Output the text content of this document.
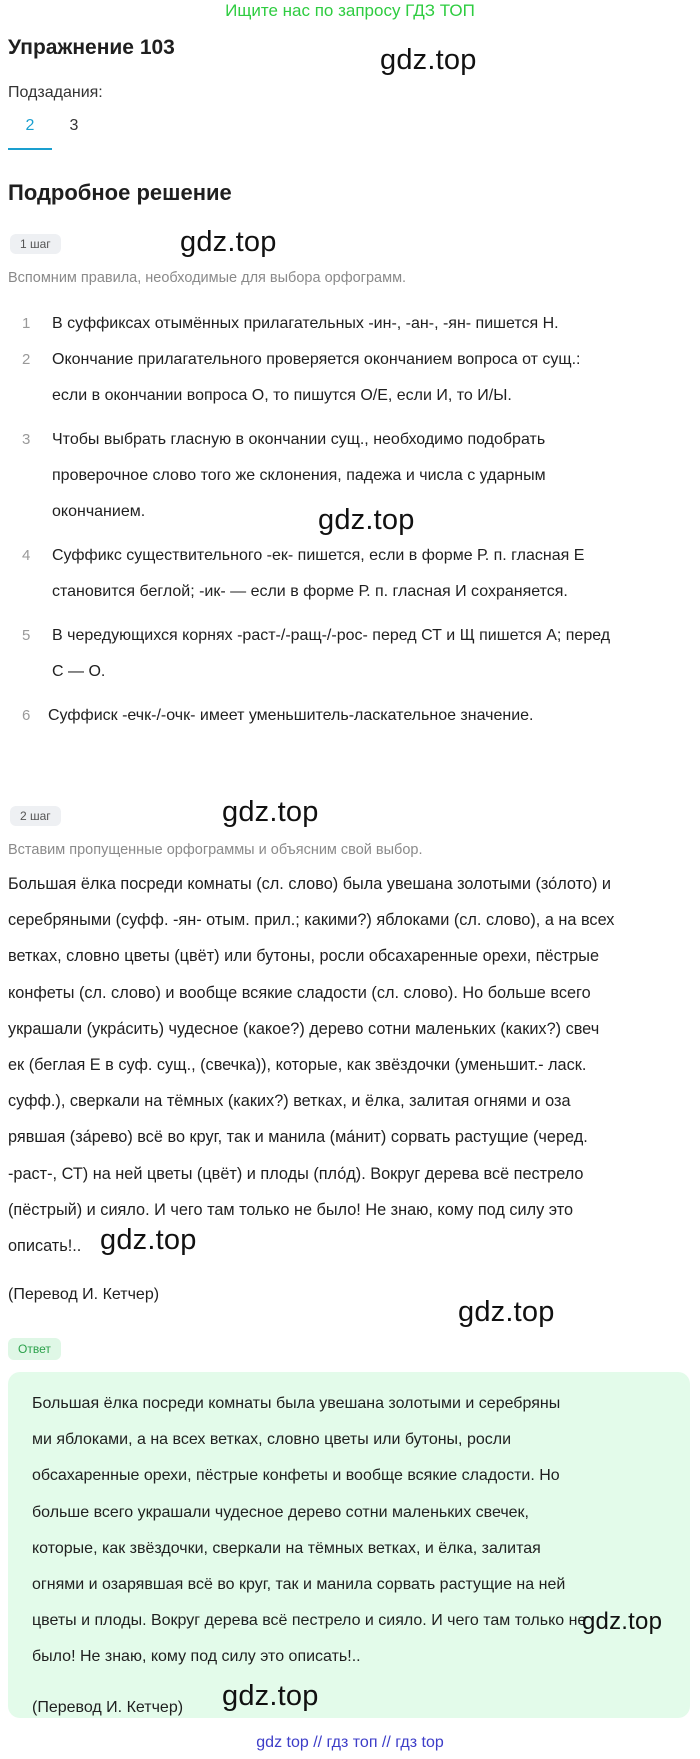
Ищите нас по запросу ГДЗ ТОП
Упражнение 103	gdz.top
Подзадания:
2	3
Подробное решение
1 шаг	gdz.top
Вспомним правила, необходимые для выбора орфограмм.
1	В суффиксах отымённых прилагательных -ин-, -ан-, -ян- пишется Н.
2	Окончание прилагательного проверяется окончанием вопроса от сущ.:
если в окончании вопроса О, то пишутся О/Е, если И, то И/Ы.
3	Чтобы выбрать гласную в окончании сущ., необходимо подобрать
проверочное слово того же склонения, падежа и числа с ударным
окончанием.
4	Суффикс существительного -ек- пишется, если в форме Р. п. гласная Е
становится беглой; -ик- — если в форме Р. п. гласная И сохраняется.
5	В чередующихся корнях -раст-/-ращ-/-рос- перед СТ и Щ пишется А; перед
С — О.
6	Суффиск -ечк-/-очк- имеет уменьшитель-ласкательное значение.
gdz.top
2 шаг	gdz.top
Вставим пропущенные орфограммы и объясним свой выбор.
Большая ёлка посреди комнаты (сл. слово) была увешана золотыми (зо́лото) и
серебряными (суфф. -ян- отым. прил.; какими?) яблоками (сл. слово), а на всех
ветках, словно цветы (цвёт) или бутоны, росли обсахаренные орехи, пёстрые
конфеты (сл. слово) и вообще всякие сладости (сл. слово). Но больше всего
украшали (укра́сить) чудесное (какое?) дерево сотни маленьких (каких?) свеч
ек (беглая Е в суф. сущ., (свечка)), которые, как звёздочки (уменьшит.- ласк.
суфф.), сверкали на тёмных (каких?) ветках, и ёлка, залитая огнями и оза
рявшая (за́рево) всё во круг, так и манила (ма́нит) сорвать растущие (черед.
-раст-, СТ) на ней цветы (цвёт) и плоды (пло́д). Вокруг дерева всё пестрело
(пёстрый) и сияло. И чего там только не было! Не знаю, кому под силу это
описать!.. gdz.top
(Перевод И. Кетчер)
gdz.top
Ответ
Большая ёлка посреди комнаты была увешана золотыми и серебряны
ми яблоками, а на всех ветках, словно цветы или бутоны, росли
обсахаренные орехи, пёстрые конфеты и вообще всякие сладости. Но
больше всего украшали чудесное дерево сотни маленьких свечек,
которые, как звёздочки, сверкали на тёмных ветках, и ёлка, залитая
огнями и озарявшая всё во круг, так и манила сорвать растущие на ней
цветы и плоды. Вокруг дерева всё пестрело и сияло. И чего там только не
было! Не знаю, кому под силу это описать!..
(Перевод И. Кетчер)
gdz.top
gdz.top
gdz top // гдз топ // гдз top
